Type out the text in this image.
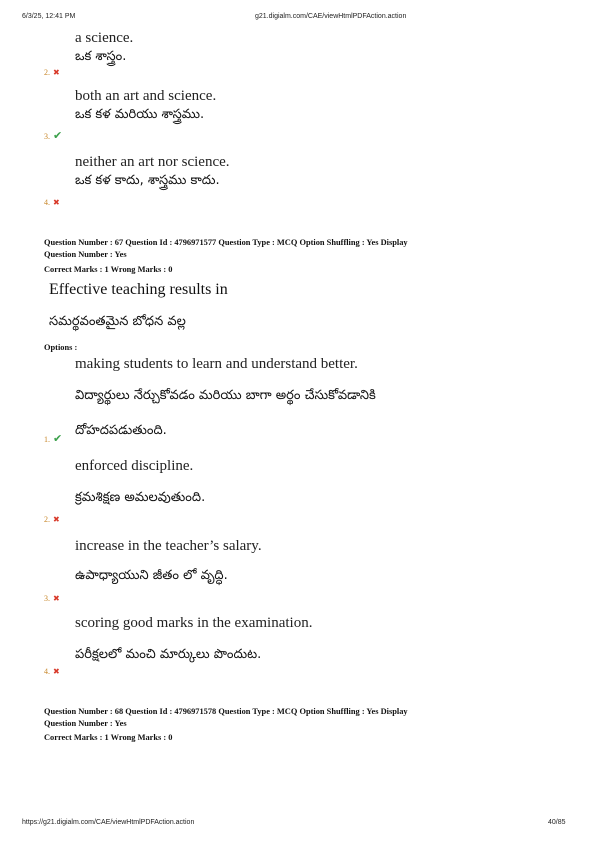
6/3/25, 12:41 PM	g21.digialm.com/CAE/viewHtmlPDFAction.action
a science.
ఒక శాస్త్రం.
2. ✖
both an art and science.
ఒక కళ మరియు శాస్త్రము.
3. ✔
neither an art nor science.
ఒక కళ కాదు, శాస్త్రము కాదు.
4. ✖
Question Number : 67 Question Id : 4796971577 Question Type : MCQ Option Shuffling : Yes Display
Question Number : Yes
Correct Marks : 1 Wrong Marks : 0
Effective teaching results in
సమర్థవంతమైన బోధన వల్ల
Options :
making students to learn and understand better.
విద్యార్థులు నేర్చుకోవడం మరియు బాగా అర్థం చేసుకోవడానికి
దోహదపడుతుంది.
1. ✔
enforced discipline.
క్రమశిక్షణ అమలవుతుంది.
2. ✖
increase in the teacher’s salary.
ఉపాధ్యాయుని జీతం లో వృద్ధి.
3. ✖
scoring good marks in the examination.
పరీక్షలలో మంచి మార్కులు పొందుట.
4. ✖
Question Number : 68 Question Id : 4796971578 Question Type : MCQ Option Shuffling : Yes Display
Question Number : Yes
Correct Marks : 1 Wrong Marks : 0
https://g21.digialm.com/CAE/viewHtmlPDFAction.action	40/85
